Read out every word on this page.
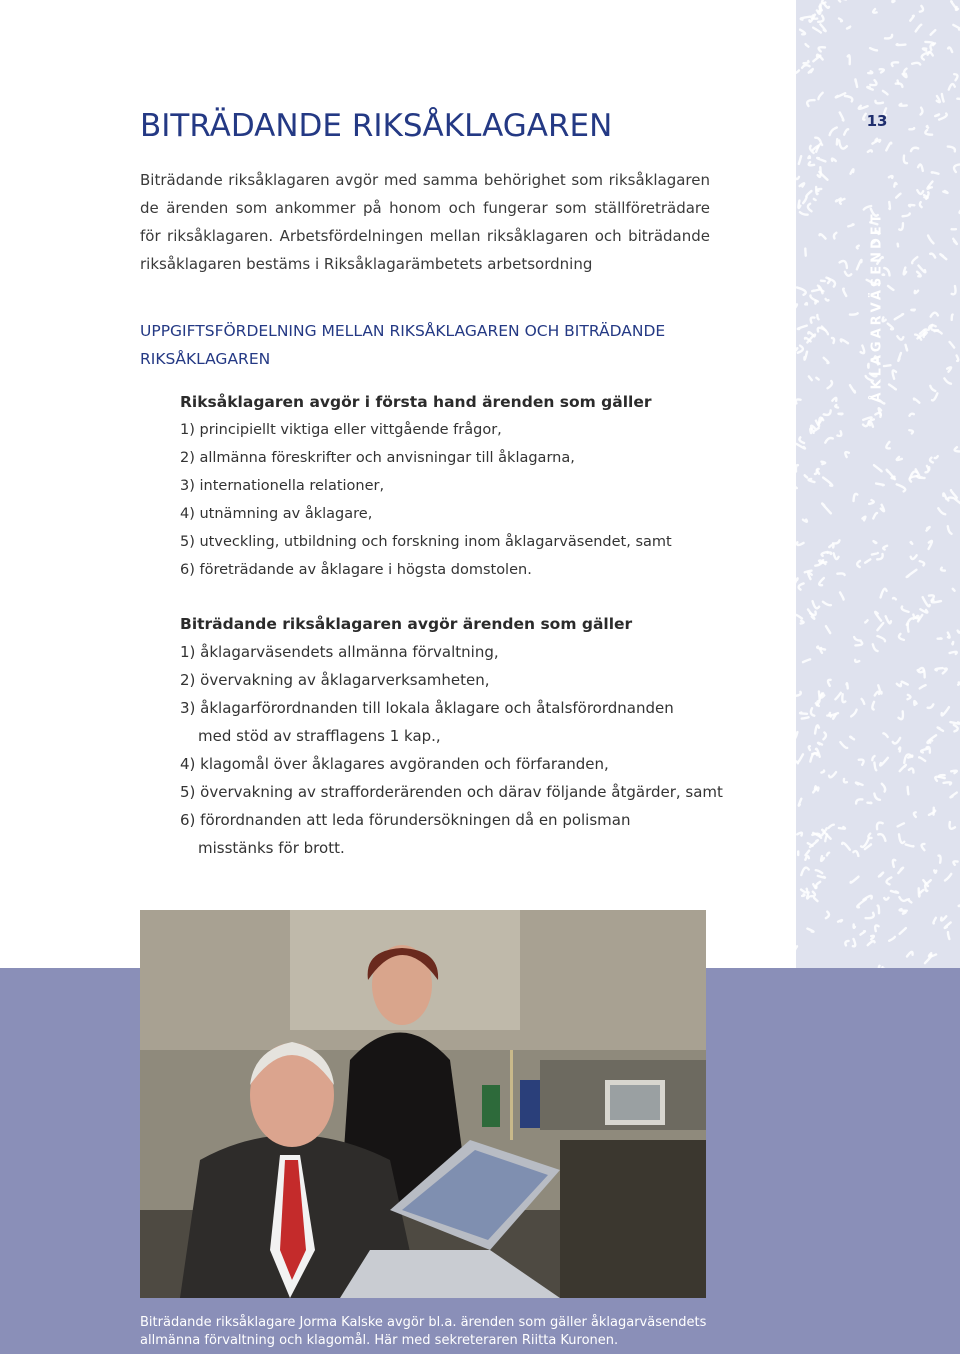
13
ÅKLAGARVÄSENDET
BITRÄDANDE RIKSÅKLAGAREN

Biträdande riksåklagaren avgör med samma behörighet som riksåklagaren de ärenden som ankommer på honom och fungerar som ställföreträdare för riksåklagaren. Arbetsfördelningen mellan riksåklagaren och biträdande riksåklagaren bestäms i Riksåklagarämbetets arbetsordning

UPPGIFTSFÖRDELNING MELLAN RIKSÅKLAGAREN OCH BITRÄDANDE RIKSÅKLAGAREN
Riksåklagaren avgör i första hand ärenden som gäller
1) principiellt viktiga eller vittgående frågor,
2) allmänna föreskrifter och anvisningar till åklagarna,
3) internationella relationer,
4) utnämning av åklagare,
5) utveckling, utbildning och forskning inom åklagarväsendet, samt
6) företrädande av åklagare i högsta domstolen.
Biträdande riksåklagaren avgör ärenden som gäller
1) åklagarväsendets allmänna förvaltning,
2) övervakning av åklagarverksamheten,
3) åklagarförordnanden till lokala åklagare och åtalsförordnanden
med stöd av strafflagens 1 kap.,
4) klagomål över åklagares avgöranden och förfaranden,
5) övervakning av strafforderärenden och därav följande åtgärder, samt
6) förordnanden att leda förundersökningen då en polisman
misstänks för brott.

Biträdande riksåklagare Jorma Kalske avgör bl.a. ärenden som gäller åklagarväsendets allmänna förvaltning och klagomål. Här med sekreteraren Riitta Kuronen.
